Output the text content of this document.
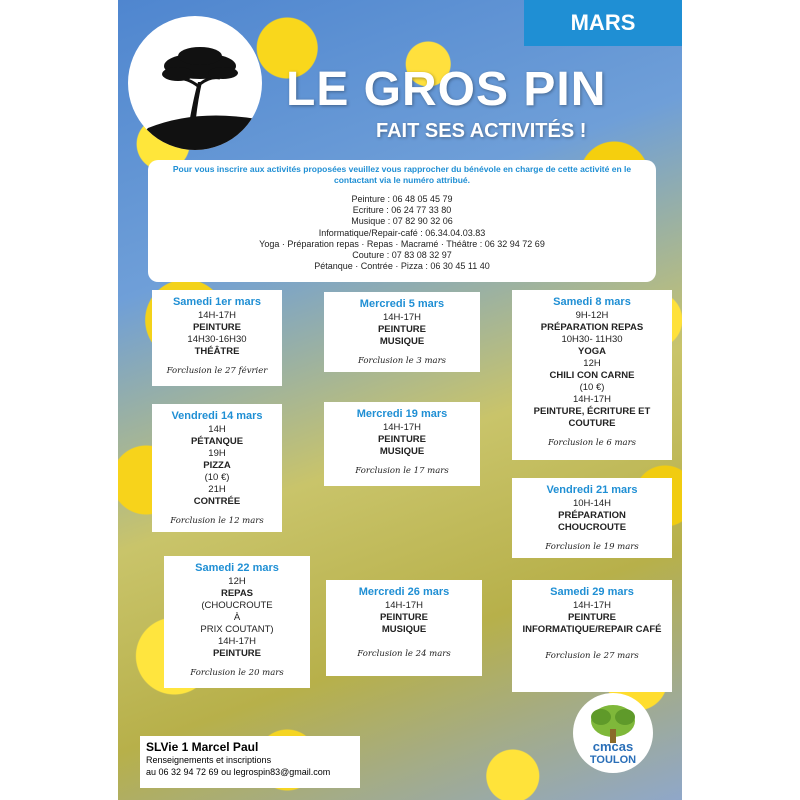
MARS
LE GROS PIN
FAIT SES ACTIVITÉS !
Pour vous inscrire aux activités proposées veuillez vous rapprocher du bénévole en charge de cette activité en le contactant via le numéro attribué.
Peinture : 06 48 05 45 79
Ecriture : 06 24 77 33 80
Musique : 07 82 90 32 06
Informatique/Repair-café : 06.34.04.03.83
Yoga · Préparation repas · Repas · Macramé · Théâtre : 06 32 94 72 69
Couture : 07 83 08 32 97
Pétanque · Contrée · Pizza : 06 30 45 11 40
Samedi 1er mars
14H-17H
PEINTURE
14H30-16H30
THÉÂTRE
Forclusion le 27 février
Mercredi 5 mars
14H-17H
PEINTURE
MUSIQUE
Forclusion le 3 mars
Samedi 8 mars
9H-12H
PRÉPARATION REPAS
10H30- 11H30
YOGA
12H
CHILI CON CARNE
(10 €)
14H-17H
PEINTURE, ÉCRITURE ET COUTURE
Forclusion le 6 mars
Vendredi 14 mars
14H
PÉTANQUE
19H
PIZZA
(10 €)
21H
CONTRÉE
Forclusion le 12 mars
Mercredi 19 mars
14H-17H
PEINTURE
MUSIQUE
Forclusion le 17 mars
Vendredi 21 mars
10H-14H
PRÉPARATION CHOUCROUTE
Forclusion le 19 mars
Samedi 22 mars
12H
REPAS
(CHOUCROUTE
À
PRIX COUTANT)
14H-17H
PEINTURE
Forclusion le 20 mars
Mercredi 26 mars
14H-17H
PEINTURE
MUSIQUE
Forclusion le 24 mars
Samedi 29 mars
14H-17H
PEINTURE INFORMATIQUE/REPAIR CAFÉ
Forclusion le 27 mars
SLVie 1 Marcel Paul
Renseignements et inscriptions
au 06 32 94 72 69 ou legrospin83@gmail.com
cmcas
TOULON
